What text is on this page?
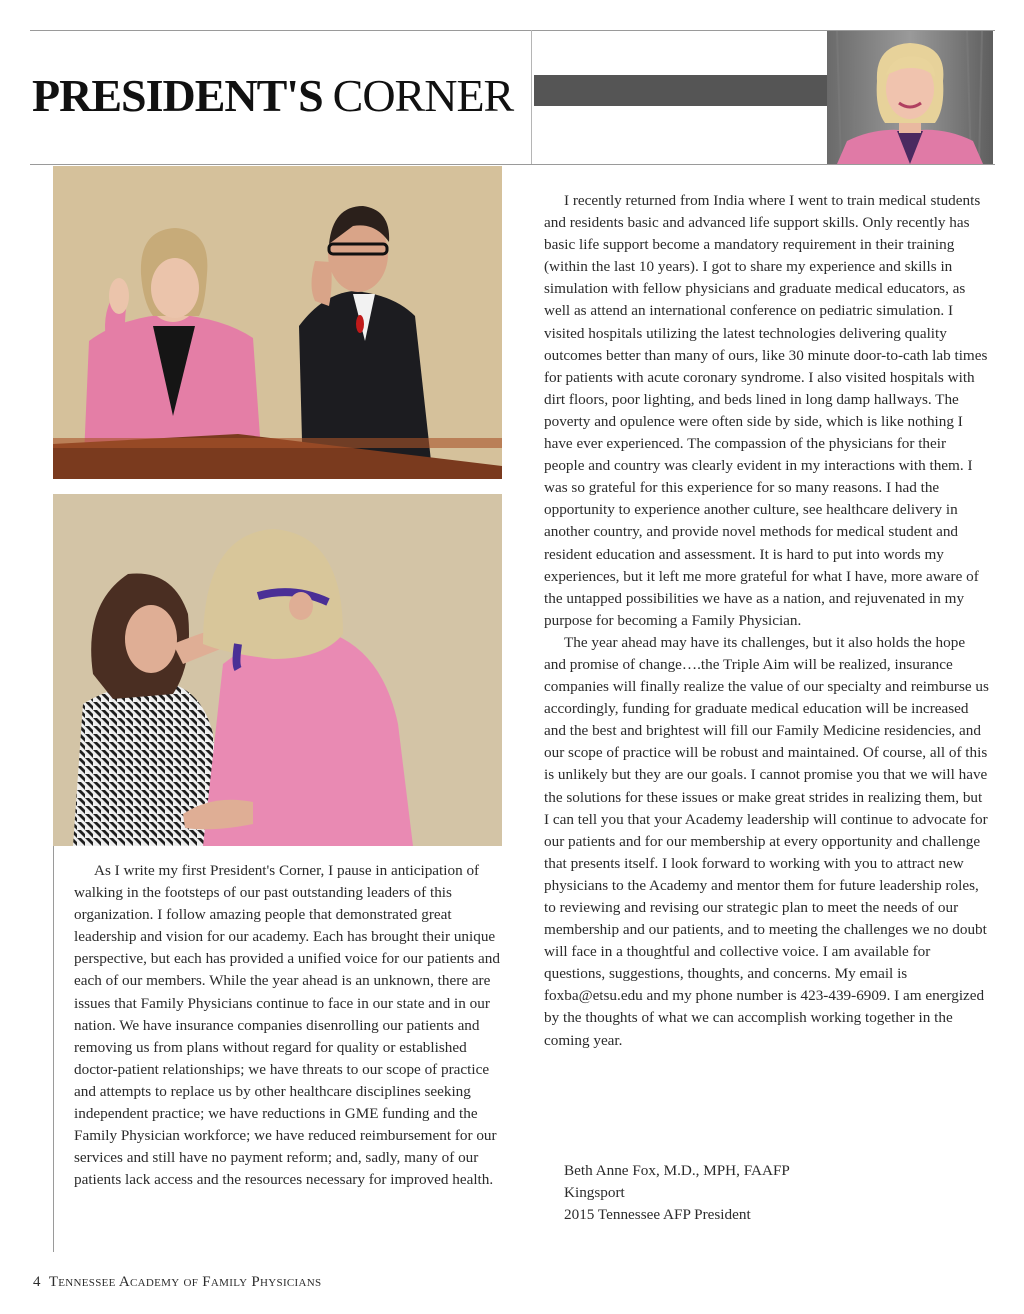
PRESIDENT'S CORNER

As I write my first President's Corner, I pause in anticipation of walking in the footsteps of our past outstanding leaders of this organization. I follow amazing people that demonstrated great leadership and vision for our academy. Each has brought their unique perspective, but each has provided a unified voice for our patients and each of our members. While the year ahead is an unknown, there are issues that Family Physicians continue to face in our state and in our nation. We have insurance companies disenrolling our patients and removing us from plans without regard for quality or established doctor-patient relationships; we have threats to our scope of practice and attempts to replace us by other healthcare disciplines seeking independent practice; we have reductions in GME funding and the Family Physician workforce; we have reduced reimbursement for our services and still have no payment reform; and, sadly, many of our patients lack access and the resources necessary for improved health.

I recently returned from India where I went to train medical students and residents basic and advanced life support skills. Only recently has basic life support become a mandatory requirement in their training (within the last 10 years). I got to share my experience and skills in simulation with fellow physicians and graduate medical educators, as well as attend an international conference on pediatric simulation. I visited hospitals utilizing the latest technologies delivering quality outcomes better than many of ours, like 30 minute door-to-cath lab times for patients with acute coronary syndrome. I also visited hospitals with dirt floors, poor lighting, and beds lined in long damp hallways. The poverty and opulence were often side by side, which is like nothing I have ever experienced. The compassion of the physicians for their people and country was clearly evident in my interactions with them. I was so grateful for this experience for so many reasons. I had the opportunity to experience another culture, see healthcare delivery in another country, and provide novel methods for medical student and resident education and assessment. It is hard to put into words my experiences, but it left me more grateful for what I have, more aware of the untapped possibilities we have as a nation, and rejuvenated in my purpose for becoming a Family Physician.

The year ahead may have its challenges, but it also holds the hope and promise of change….the Triple Aim will be realized, insurance companies will finally realize the value of our specialty and reimburse us accordingly, funding for graduate medical education will be increased and the best and brightest will fill our Family Medicine residencies, and our scope of practice will be robust and maintained. Of course, all of this is unlikely but they are our goals. I cannot promise you that we will have the solutions for these issues or make great strides in realizing them, but I can tell you that your Academy leadership will continue to advocate for our patients and for our membership at every opportunity and challenge that presents itself. I look forward to working with you to attract new physicians to the Academy and mentor them for future leadership roles, to reviewing and revising our strategic plan to meet the needs of our membership and our patients, and to meeting the challenges we no doubt will face in a thoughtful and collective voice. I am available for questions, suggestions, thoughts, and concerns. My email is foxba@etsu.edu and my phone number is 423-439-6909. I am energized by the thoughts of what we can accomplish working together in the coming year.

Beth Anne Fox, M.D., MPH, FAAFP
Kingsport
2015 Tennessee AFP President
4 Tennessee Academy of Family Physicians
